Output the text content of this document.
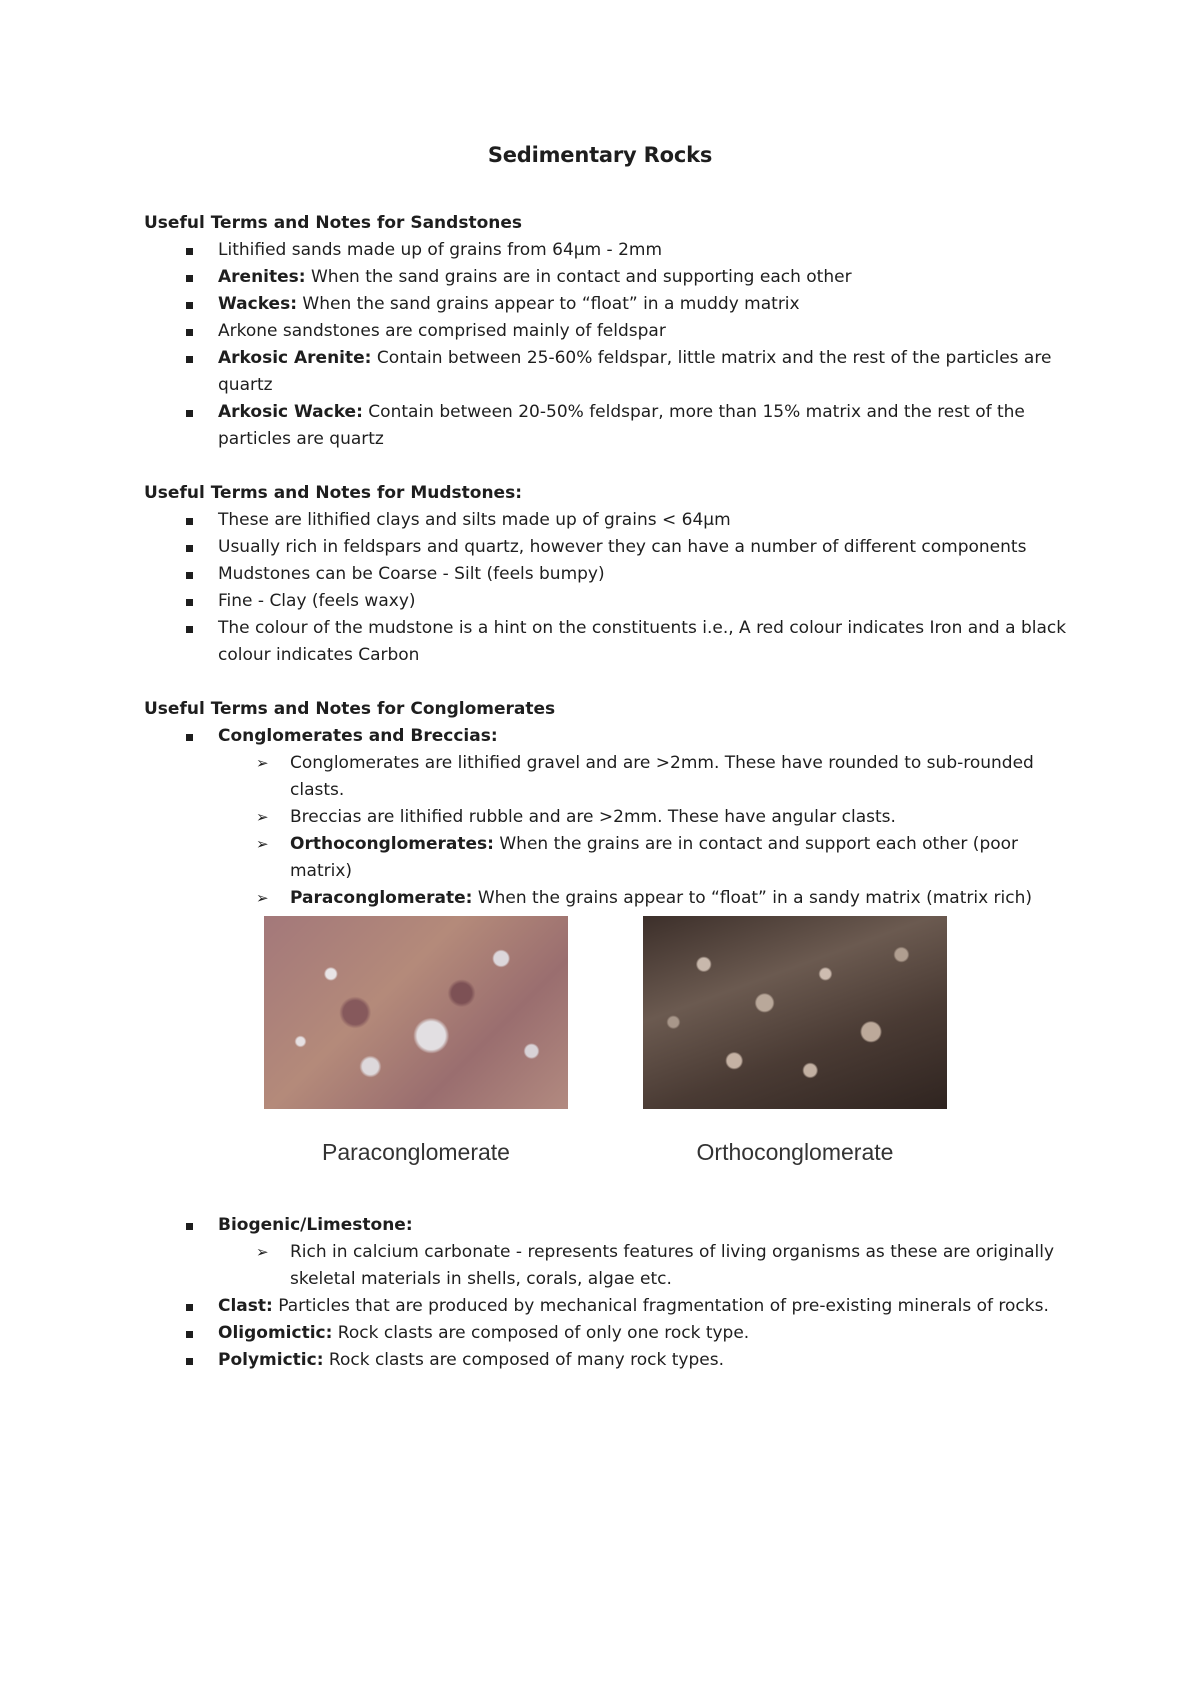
Sedimentary Rocks

Useful Terms and Notes for Sandstones

Lithified sands made up of grains from 64µm - 2mm
Arenites: When the sand grains are in contact and supporting each other
Wackes: When the sand grains appear to “float” in a muddy matrix
Arkone sandstones are comprised mainly of feldspar
Arkosic Arenite: Contain between 25-60% feldspar, little matrix and the rest of the particles are quartz
Arkosic Wacke: Contain between 20-50% feldspar, more than 15% matrix and the rest of the particles are quartz

Useful Terms and Notes for Mudstones:

These are lithified clays and silts made up of grains < 64µm
Usually rich in feldspars and quartz, however they can have a number of different components
Mudstones can be Coarse - Silt (feels bumpy)
Fine - Clay (feels waxy)
The colour of the mudstone is a hint on the constituents i.e., A red colour indicates Iron and a black colour indicates Carbon

Useful Terms and Notes for Conglomerates

Conglomerates and Breccias:
➢	Conglomerates are lithified gravel and are >2mm. These have rounded to sub-rounded clasts.
➢	Breccias are lithified rubble and are >2mm. These have angular clasts.
➢	Orthoconglomerates: When the grains are in contact and support each other (poor matrix)
➢	Paraconglomerate: When the grains appear to “float” in a sandy matrix (matrix rich)
Paraconglomerate	Orthoconglomerate
Biogenic/Limestone:
➢	Rich in calcium carbonate - represents features of living organisms as these are originally skeletal materials in shells, corals, algae etc.
Clast: Particles that are produced by mechanical fragmentation of pre-existing minerals of rocks.
Oligomictic: Rock clasts are composed of only one rock type.
Polymictic: Rock clasts are composed of many rock types.
